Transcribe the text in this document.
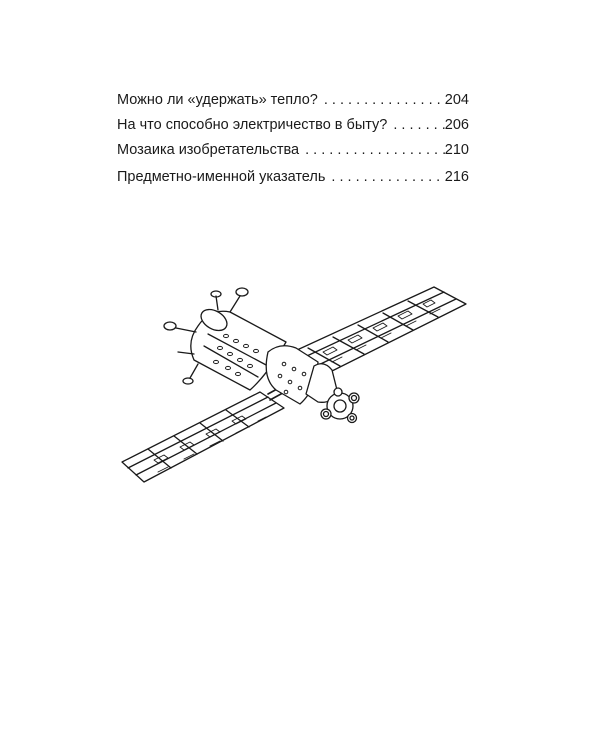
Можно ли «удержать» тепло? . . .	204
На что способно электричество в быту? . . .	206
Мозаика изобретательства . . .	210
Предметно-именной указатель . . .	216
